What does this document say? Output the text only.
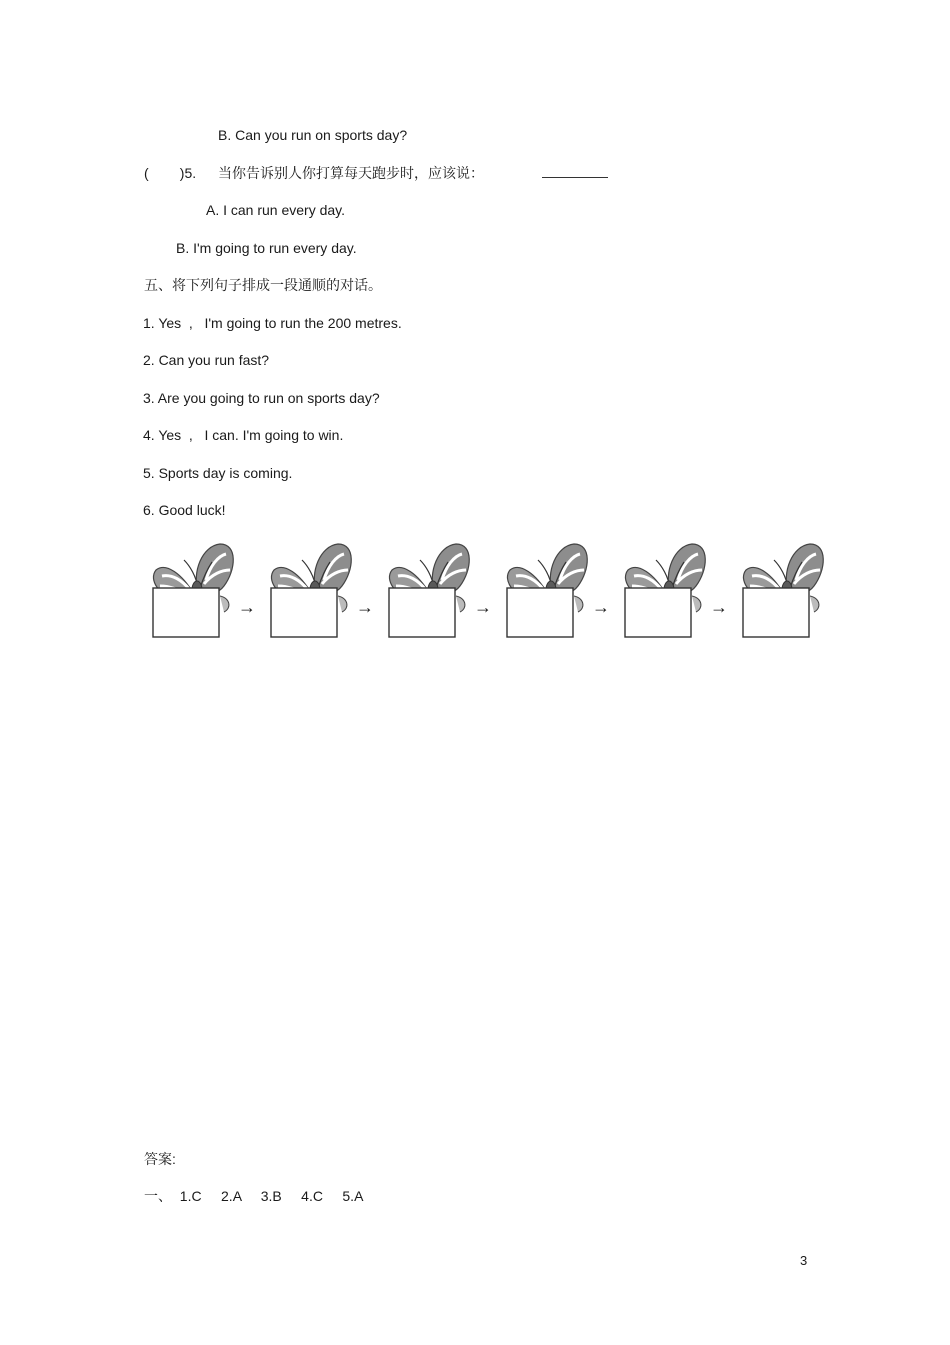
B. Can you run on sports day?
(        )5. 当你告诉别人你打算每天跑步时，应该说：
A. I can run every day.
B. I'm going to run every day.
五、将下列句子排成一段通顺的对话。
1. Yes  ,   I'm going to run the 200 metres.
2. Can you run fast?
3. Are you going to run on sports day?
4. Yes  ,   I can. I'm going to win.
5. Sports day is coming.
6. Good luck!
→	→	→	→	→
答案:
一、  1.C     2.A     3.B     4.C     5.A
3
